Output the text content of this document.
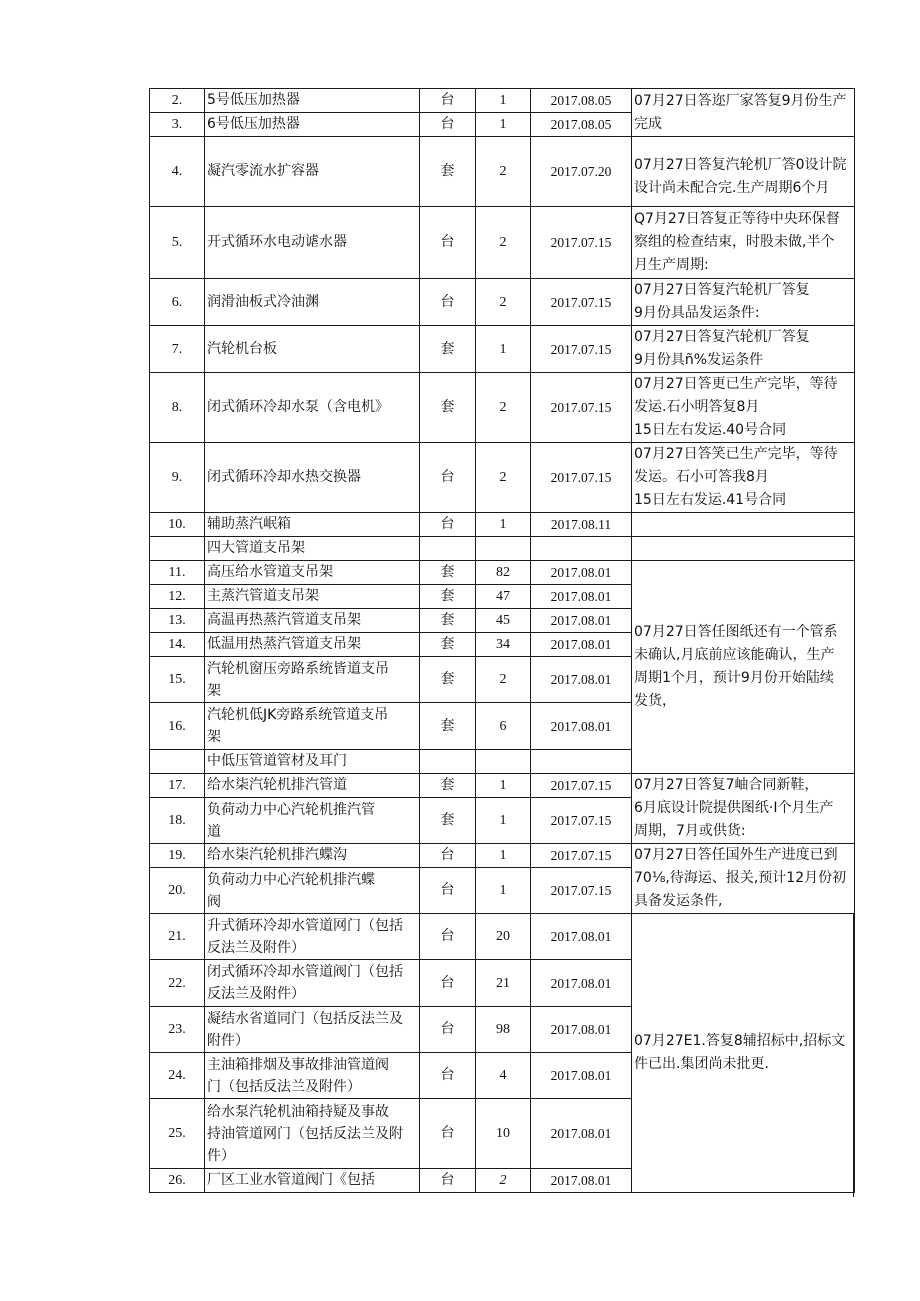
2.	5号低压加热器	台	1	2017.08.05	07月27日答迩厂家答复9月份生产
完成
3.	6号低压加热器	台	1	2017.08.05	
4.	凝汽零流水扩容器	套	2	2017.07.20	07月27日答复汽轮机厂答0设计院
设计尚未配合完.生产周期6个月
5.	开式循环水电动谑水器	台	2	2017.07.15	Q7月27日答复正等待中央环保督
察组的检查结束，时股未做,半个
月生产周期:
6.	润滑油板式冷油渊	台	2	2017.07.15	07月27日答复汽轮机厂答复
9月份具品发运条件:
7.	汽轮机台板	套	1	2017.07.15	07月27日答复汽轮机厂答复
9月份具ñ%发运条件
8.	闭式循环冷却水泵（含电机》	套	2	2017.07.15	07月27日答更已生产完毕，等待
发运.石小明答复8月
15日左右发运.40号合同
9.	闭式循环冷却水热交换器	台	2	2017.07.15	07月27日答笑已生产完毕，等待
发运。石小可答我8月
15日左右发运.41号合同
10.	辅助蒸汽岷箱	台	1	2017.08.11	
	四大管道支吊架				
11.	高压给水管道支吊架	套	82	2017.08.01	07月27日答任图纸还有一个管系
未确认,月底前应该能确认，生产
周期1个月，预计9月份开始陆续
发货，
12.	主蒸汽管道支吊架	套	47	2017.08.01	
13.	高温再热蒸汽管道支吊架	套	45	2017.08.01	
14.	低温用热蒸汽管道支吊架	套	34	2017.08.01	
15.	汽轮机窗压旁路系统皆道支吊
架	套	2	2017.08.01	
16.	汽轮机低JK旁路系统管道支吊
架	套	6	2017.08.01	
	中低压管道管材及耳门				
17.	给水柒汽轮机排汽管道	套	1	2017.07.15	07月27日答复7岫合同新鞋，
6月底设计院提供图纸·I个月生产
周期，7月或供货:
18.	负荷动力中心汽轮机推汽管
道	套	1	2017.07.15	
19.	给水柒汽轮机排汽蝶沟	台	1	2017.07.15	07月27日答任国外生产进度已到
70⅛,待海运、报关,预计12月份初
具备发运条件,
20.	负荷动力中心汽轮机排汽蝶
阀	台	1	2017.07.15	
21.	升式循环冷却水管道网门（包括
反法兰及附件）	台	20	2017.08.01	07月27E1.答复8辅招标中,招标文
件已出.集团尚未批更.
22.	闭式循环冷却水管道阀门（包括
反法兰及附件）	台	21	2017.08.01	
23.	凝结水省道同门（包括反法兰及
附件）	台	98	2017.08.01	
24.	主油箱排烟及事故排油管道阀
门（包括反法兰及附件）	台	4	2017.08.01	
25.	给水泵汽轮机油箱持疑及事故
持油管道网门（包括反法兰及附
件）	台	10	2017.08.01	
26.	厂区工业水管道阀门《包括	台	2	2017.08.01	
